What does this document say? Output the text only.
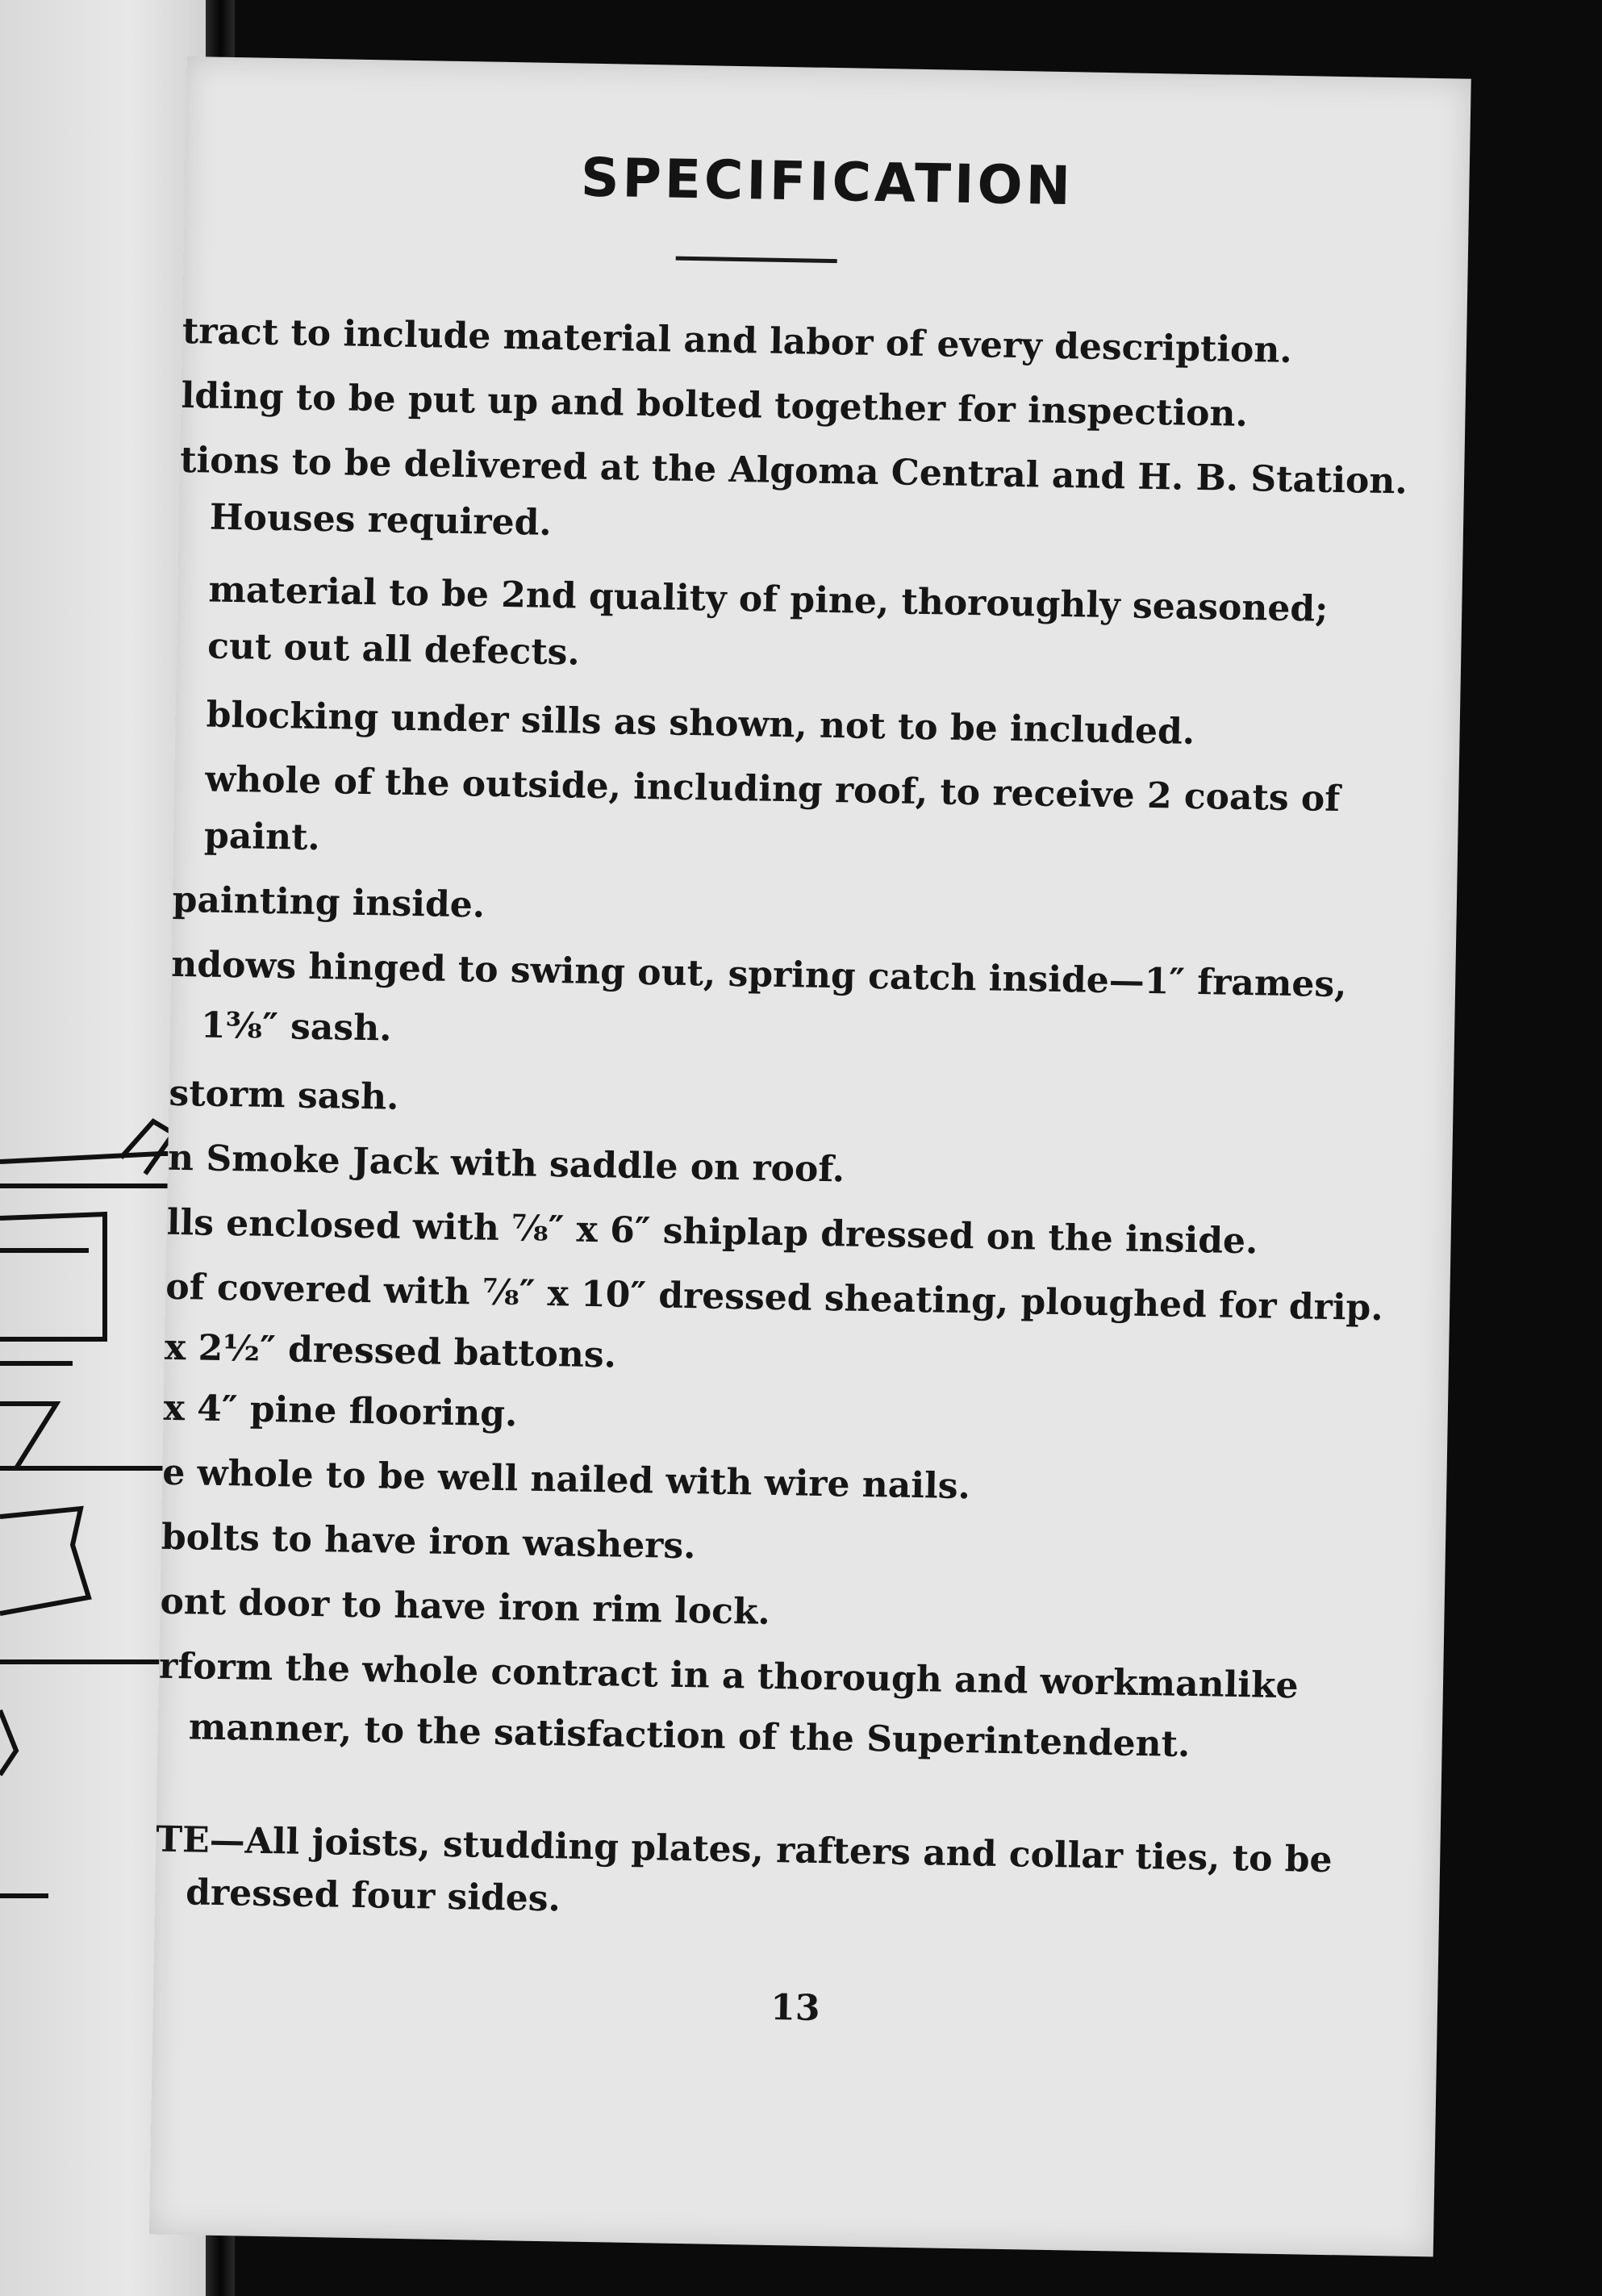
SPECIFICATION
tract to include material and labor of every description.
lding to be put up and bolted together for inspection.
tions to be delivered at the Algoma Central and H. B. Station.
Houses required.
material to be 2nd quality of pine, thoroughly seasoned;
cut out all defects.
blocking under sills as shown, not to be included.
whole of the outside, including roof, to receive 2 coats of
paint.
painting inside.
ndows hinged to swing out, spring catch inside—1″ frames,
1⅜″ sash.
storm sash.
n Smoke Jack with saddle on roof.
lls enclosed with ⅞″ x 6″ shiplap dressed on the inside.
of covered with ⅞″ x 10″ dressed sheating, ploughed for drip.
x 2½″ dressed battons.
x 4″ pine flooring.
e whole to be well nailed with wire nails.
bolts to have iron washers.
ont door to have iron rim lock.
rform the whole contract in a thorough and workmanlike
manner, to the satisfaction of the Superintendent.
TE—All joists, studding plates, rafters and collar ties, to be
dressed four sides.
13
